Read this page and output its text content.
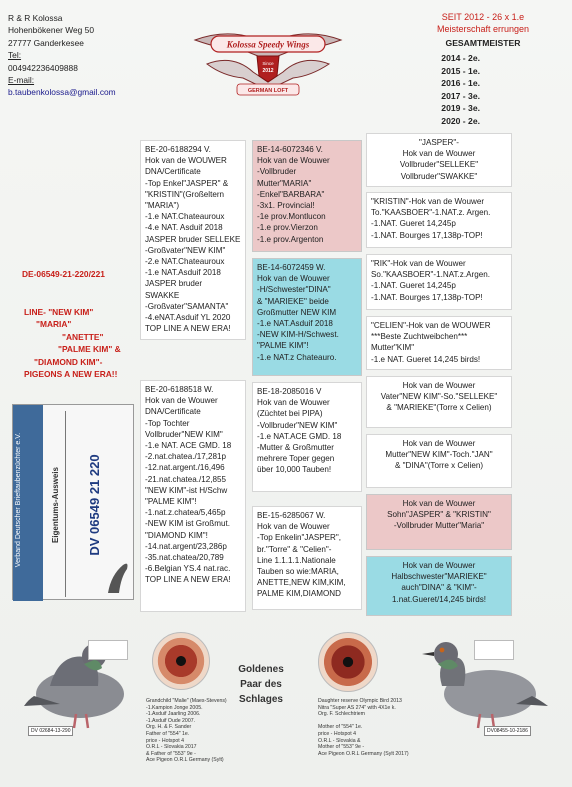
R & R Kolossa
Hohenbökener Weg 50
27777 Ganderkesee
Tel:
004942236409888
E-mail:
b.taubenkolossa@gmail.com
Kolossa Speedy Wings
Since
2012
GERMAN LOFT
SEIT 2012 - 26 x 1.e
Meisterschaft errungen
GESAMTMEISTER
2014 - 2e.
2015 - 1e.
2016 - 1e.
2017 - 3e.
2019 - 3e.
2020 - 2e.
DE-06549-21-220/221
LINE- "NEW KIM"
"MARIA"
"ANETTE"
"PALME KIM" &
"DIAMOND KIM"-
PIGEONS A NEW ERA!!
Verband Deutscher Brieftaubenzüchter e.V.	Eigentums-Ausweis DV 06549 21 220
BE-20-6188294 V.
Hok van de WOUWER
DNA/Certificate
-Top Enkel"JASPER" &
"KRISTIN"(Großeltern
"MARIA")
-1.e NAT.Chateauroux
-4.e NAT. Asduif 2018
JASPER bruder SELLEKE
-Großvater"NEW KIM"
-2.e NAT.Chateauroux
-1.e NAT.Asduif 2018
JASPER bruder
SWAKKE
-Großvater"SAMANTA"
-4.eNAT.Asduif YL 2020
TOP LINE A NEW ERA!
BE-20-6188518 W.
Hok van de Wouwer
DNA/Certificate
-Top Tochter
Vollbruder"NEW KIM"
-1.e NAT. ACE GMD. 18
-2.nat.chatea./17,281p
-12.nat.argent./16,496
-21.nat.chatea./12,855
"NEW KIM"-ist H/Schw
"PALME KIM"!
-1.nat.z.chatea/5,465p
-NEW KIM ist Großmut.
"DIAMOND KIM"!
-14.nat.argent/23,286p
-35.nat.chatea/20,789
-6.Belgian YS.4 nat.rac.
TOP LINE A NEW ERA!
BE-14-6072346 V.
Hok van de Wouwer
-Vollbruder
Mutter"MARIA"
-Enkel"BARBARA"
-3x1. Provincial!
-1e prov.Montlucon
-1.e prov.Vierzon
-1.e prov.Argenton
BE-14-6072459 W.
Hok van de Wouwer
-H/Schwester"DINA"
& "MARIEKE" beide
Großmutter NEW KIM
-1.e NAT.Asduif 2018
-NEW KIM-H/Schwest.
"PALME KIM"!
-1.e NAT.z Chateauro.
BE-18-2085016 V
Hok van de Wouwer
(Züchtet bei PIPA)
-Vollbruder"NEW KIM"
-1.e NAT.ACE GMD. 18
-Mutter & Großmutter
mehrere Toper gegen
über 10,000 Tauben!
BE-15-6285067 W.
Hok van de Wouwer
-Top Enkelin"JASPER",
br."Torre" & "Celien"-
Line 1.1.1.1.Nationale
Tauben so wie:MARIA,
ANETTE,NEW KIM,KIM,
PALME KIM,DIAMOND
"JASPER"-
Hok van de Wouwer
Vollbruder"SELLEKE"
Vollbruder"SWAKKE"
"KRISTIN"-Hok van de Wouwer
To."KAASBOER"-1.NAT.z. Argen.
-1.NAT. Gueret 14,245p
-1.NAT. Bourges 17,138p-TOP!
"RIK"-Hok van de Wouwer
So."KAASBOER"-1.NAT.z.Argen.
-1.NAT. Gueret 14,245p
-1.NAT. Bourges 17,138p-TOP!
"CELIEN"-Hok van de WOUWER
***Beste Zuchtweibchen***
Mutter"KIM"
-1.e NAT. Gueret 14,245 birds!
Hok van de Wouwer
Vater"NEW KIM"-So."SELLEKE"
& "MARIEKE"(Torre x Celien)
Hok van de Wouwer
Mutter"NEW KIM"-Toch."JAN"
& "DINA"(Torre x Celien)
Hok van de Wouwer
Sohn"JASPER" & "KRISTIN"
-Vollbruder Mutter"Maria"
Hok van de Wouwer
Halbschwester"MARIEKE"
auch"DINA" & "KIM"-
1.nat.Gueret/14,245 birds!
DV 02684-13-290
Grandchild "Malie" (Maes-Stevens)
-1.Kampion Jonge 2005.
-1.Asduif Jaarling 2006.
-1.Asduif Oude 2007.
Org. H. & F. Sander
Father of "554" 1e.
price - Hotspot 4
O.R.L - Slovakia 2017
& Father of "553" 9e -
Ace Pigeon O.R.L Germany (Sylt)
Goldenes
Paar des
Schlages	Daughter reserve Olympic Bird 2013
Nitra "Super AS 274" with 4X1e k.
Org. F. Schlechtriem

Mother of "554" 1e.
price - Hotspot 4
O.R.L - Slovakia &
Mother of "553" 9e -
Ace Pigeon O.R.L Germany (Sylt 2017)
DV08455-10-2186
